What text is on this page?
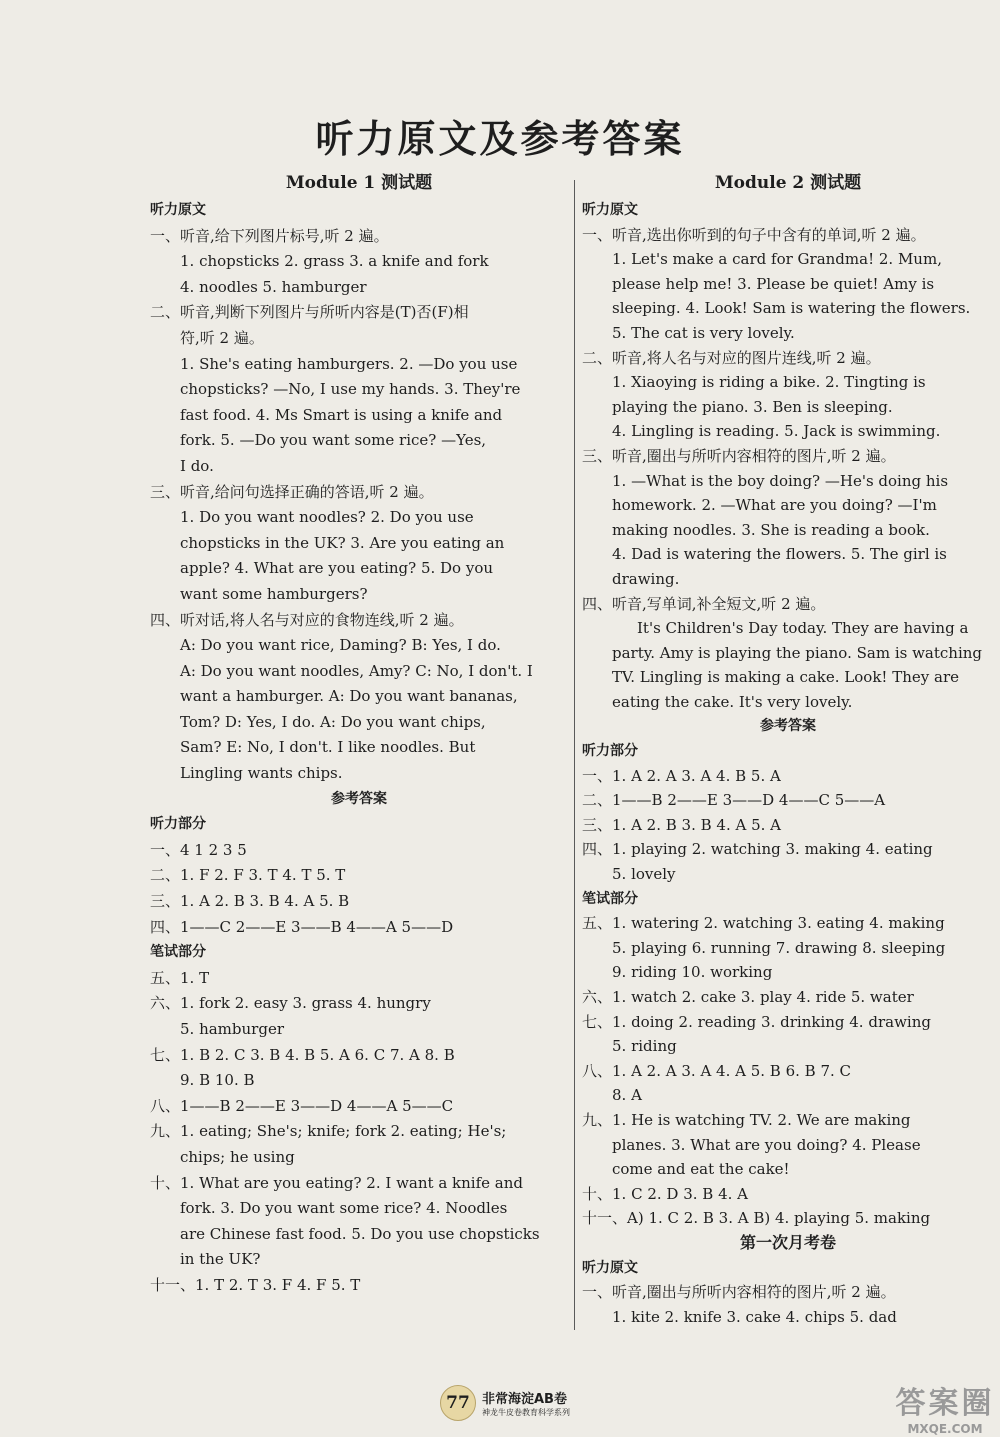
听力原文及参考答案
Module 1 测试题
听力原文
一、听音,给下列图片标号,听 2 遍。
1. chopsticks 2. grass 3. a knife and fork
4. noodles 5. hamburger
二、听音,判断下列图片与所听内容是(T)否(F)相
符,听 2 遍。
1. She's eating hamburgers. 2. —Do you use
chopsticks? —No, I use my hands. 3. They're
fast food. 4. Ms Smart is using a knife and
fork. 5. —Do you want some rice? —Yes,
I do.
三、听音,给问句选择正确的答语,听 2 遍。
1. Do you want noodles? 2. Do you use
chopsticks in the UK? 3. Are you eating an
apple? 4. What are you eating? 5. Do you
want some hamburgers?
四、听对话,将人名与对应的食物连线,听 2 遍。
A: Do you want rice, Daming? B: Yes, I do.
A: Do you want noodles, Amy? C: No, I don't. I
want a hamburger. A: Do you want bananas,
Tom? D: Yes, I do. A: Do you want chips,
Sam? E: No, I don't. I like noodles. But
Lingling wants chips.
参考答案
听力部分
一、4 1 2 3 5
二、1. F 2. F 3. T 4. T 5. T
三、1. A 2. B 3. B 4. A 5. B
四、1——C 2——E 3——B 4——A 5——D
笔试部分
五、1. T
六、1. fork 2. easy 3. grass 4. hungry
5. hamburger
七、1. B 2. C 3. B 4. B 5. A 6. C 7. A 8. B
9. B 10. B
八、1——B 2——E 3——D 4——A 5——C
九、1. eating; She's; knife; fork 2. eating; He's;
chips; he using
十、1. What are you eating? 2. I want a knife and
fork. 3. Do you want some rice? 4. Noodles
are Chinese fast food. 5. Do you use chopsticks
in the UK?
十一、1. T 2. T 3. F 4. F 5. T
Module 2 测试题
听力原文
一、听音,选出你听到的句子中含有的单词,听 2 遍。
1. Let's make a card for Grandma! 2. Mum,
please help me! 3. Please be quiet! Amy is
sleeping. 4. Look! Sam is watering the flowers.
5. The cat is very lovely.
二、听音,将人名与对应的图片连线,听 2 遍。
1. Xiaoying is riding a bike. 2. Tingting is
playing the piano. 3. Ben is sleeping.
4. Lingling is reading. 5. Jack is swimming.
三、听音,圈出与所听内容相符的图片,听 2 遍。
1. —What is the boy doing? —He's doing his
homework. 2. —What are you doing? —I'm
making noodles. 3. She is reading a book.
4. Dad is watering the flowers. 5. The girl is
drawing.
四、听音,写单词,补全短文,听 2 遍。
It's Children's Day today. They are having a
party. Amy is playing the piano. Sam is watching
TV. Lingling is making a cake. Look! They are
eating the cake. It's very lovely.
参考答案
听力部分
一、1. A 2. A 3. A 4. B 5. A
二、1——B 2——E 3——D 4——C 5——A
三、1. A 2. B 3. B 4. A 5. A
四、1. playing 2. watching 3. making 4. eating
5. lovely
笔试部分
五、1. watering 2. watching 3. eating 4. making
5. playing 6. running 7. drawing 8. sleeping
9. riding 10. working
六、1. watch 2. cake 3. play 4. ride 5. water
七、1. doing 2. reading 3. drinking 4. drawing
5. riding
八、1. A 2. A 3. A 4. A 5. B 6. B 7. C
8. A
九、1. He is watching TV. 2. We are making
planes. 3. What are you doing? 4. Please
come and eat the cake!
十、1. C 2. D 3. B 4. A
十一、A) 1. C 2. B 3. A B) 4. playing 5. making
第一次月考卷
听力原文
一、听音,圈出与所听内容相符的图片,听 2 遍。
1. kite 2. knife 3. cake 4. chips 5. dad
77 非常海淀AB卷
神龙牛皮卷教育科学系列	答案圈
MXQE.COM
